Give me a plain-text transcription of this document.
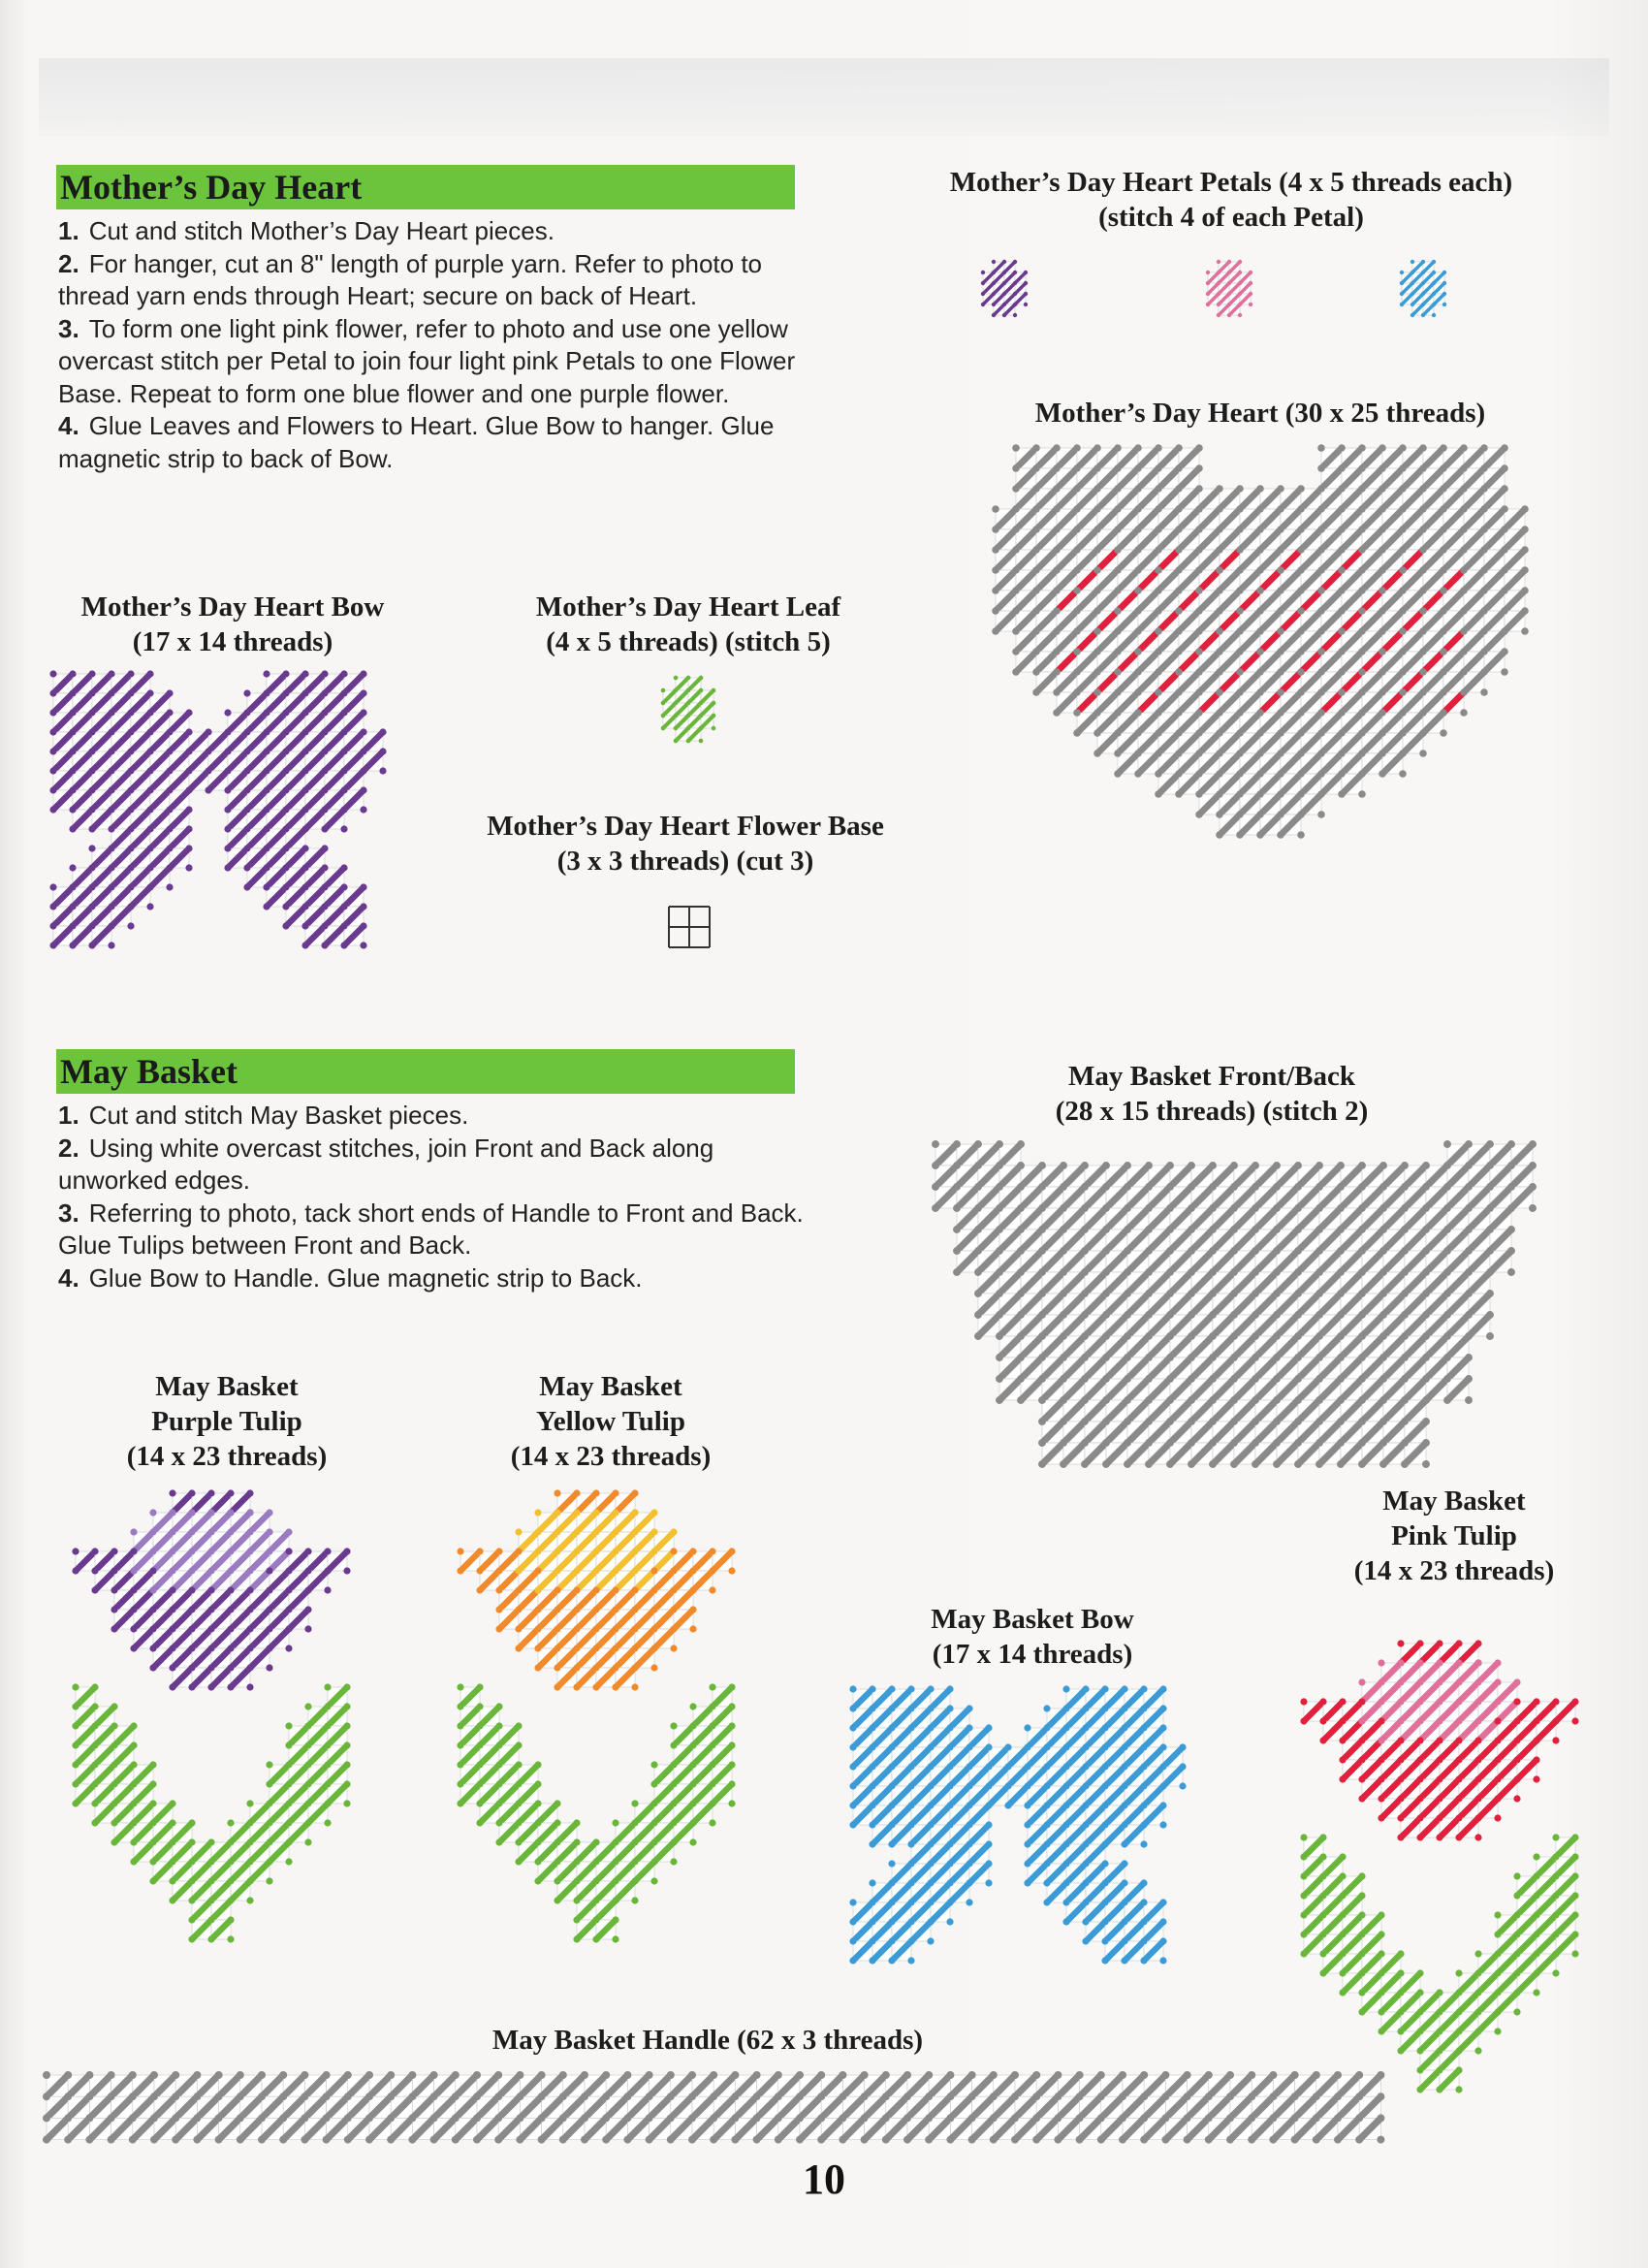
Mother’s Day Heart

1. Cut and stitch Mother’s Day Heart pieces.

2. For hanger, cut an 8" length of purple yarn. Refer to photo to thread yarn ends through Heart; secure on back of Heart.

3. To form one light pink flower, refer to photo and use one yellow overcast stitch per Petal to join four light pink Petals to one Flower Base. Repeat to form one blue flower and one purple flower.

4. Glue Leaves and Flowers to Heart. Glue Bow to hanger. Glue magnetic strip to back of Bow.

May Basket

1. Cut and stitch May Basket pieces.

2. Using white overcast stitches, join Front and Back along unworked edges.

3. Referring to photo, tack short ends of Handle to Front and Back. Glue Tulips between Front and Back.

4. Glue Bow to Handle. Glue magnetic strip to Back.

Mother’s Day Heart Petals (4 x 5 threads each)
(stitch 4 of each Petal)
Mother’s Day Heart (30 x 25 threads)
Mother’s Day Heart Bow
(17 x 14 threads)
Mother’s Day Heart Leaf
(4 x 5 threads) (stitch 5)
Mother’s Day Heart Flower Base
(3 x 3 threads) (cut 3)
May Basket Front/Back
(28 x 15 threads) (stitch 2)
May Basket
Purple Tulip
(14 x 23 threads)
May Basket
Yellow Tulip
(14 x 23 threads)
May Basket
Pink Tulip
(14 x 23 threads)
May Basket Bow
(17 x 14 threads)
May Basket Handle (62 x 3 threads)
10
